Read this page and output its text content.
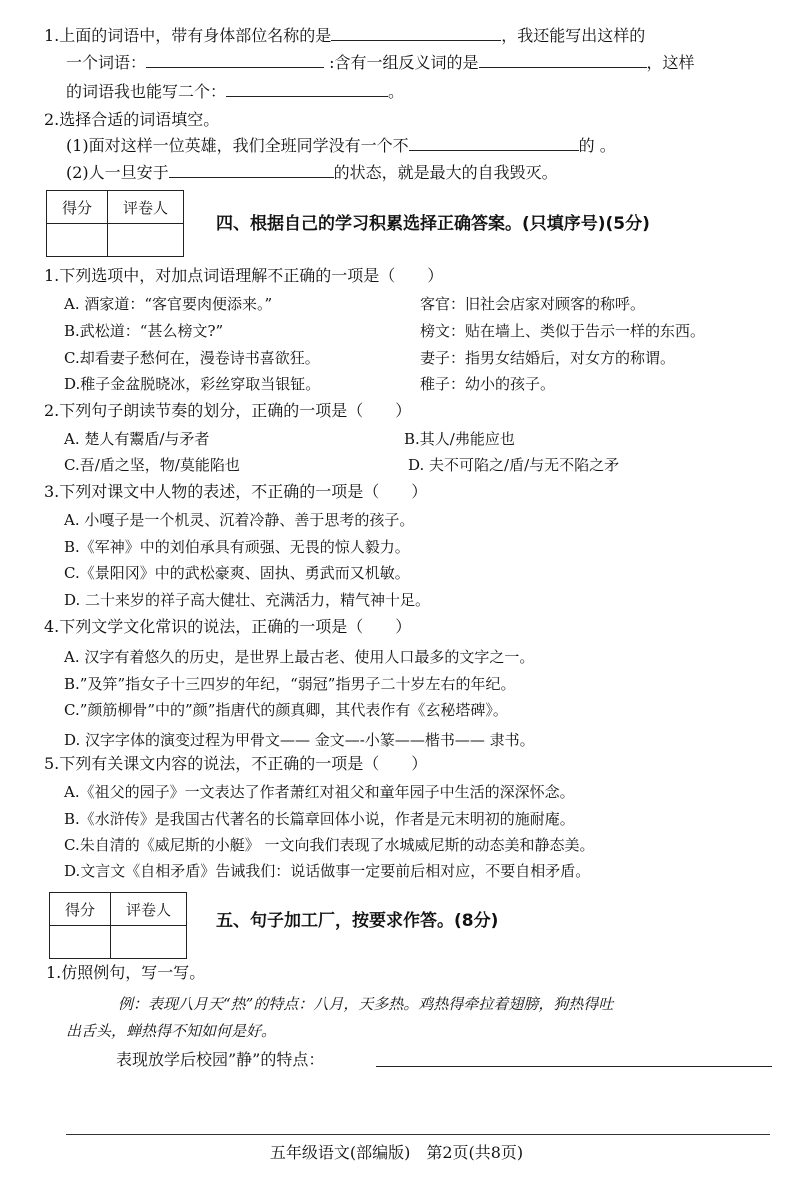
1.上面的词语中，带有身体部位名称的是	，我还能写出这样的
一个词语：	:含有一组反义词的是	，这样
的词语我也能写二个：	。
2.选择合适的词语填空。
(1)面对这样一位英雄，我们全班同学没有一个不	的 。
(2)人一旦安于	的状态，就是最大的自我毁灭。
得分	评卷人

四、根据自己的学习积累选择正确答案。(只填序号)(5分)
1.下列选项中，对加点词语理解不正确的一项是（　　）
A. 酒家道：“客官要肉便添来。”	客官：旧社会店家对顾客的称呼。
B.武松道：“甚么榜文?”	榜文：贴在墙上、类似于告示一样的东西。
C.却看妻子愁何在，漫卷诗书喜欲狂。	妻子：指男女结婚后，对女方的称谓。
D.稚子金盆脱晓冰，彩丝穿取当银钲。	稚子：幼小的孩子。
2.下列句子朗读节奏的划分，正确的一项是（　　）
A. 楚人有鬻盾/与矛者	B.其人/弗能应也
C.吾/盾之坚，物/莫能陷也	D. 夫不可陷之/盾/与无不陷之矛
3.下列对课文中人物的表述，不正确的一项是（　　）
A. 小嘎子是一个机灵、沉着冷静、善于思考的孩子。
B.《军神》中的刘伯承具有顽强、无畏的惊人毅力。
C.《景阳冈》中的武松豪爽、固执、勇武而又机敏。
D. 二十来岁的祥子高大健壮、充满活力，精气神十足。
4.下列文学文化常识的说法，正确的一项是（　　）
A. 汉字有着悠久的历史，是世界上最古老、使用人口最多的文字之一。
B.”及笄”指女子十三四岁的年纪，“弱冠”指男子二十岁左右的年纪。
C.”颜筋柳骨”中的”颜”指唐代的颜真卿，其代表作有《玄秘塔碑》。
D. 汉字字体的演变过程为甲骨文—— 金文—-小篆——楷书—— 隶书。
5.下列有关课文内容的说法，不正确的一项是（　　）
A.《祖父的园子》一文表达了作者萧红对祖父和童年园子中生活的深深怀念。
B.《水浒传》是我国古代著名的长篇章回体小说，作者是元末明初的施耐庵。
C.朱自清的《威尼斯的小艇》 一文向我们表现了水城威尼斯的动态美和静态美。
D.文言文《自相矛盾》告诫我们：说话做事一定要前后相对应，不要自相矛盾。
得分	评卷人

五、句子加工厂，按要求作答。(8分)
1.仿照例句，写一写。
例：表现八月天“热”的特点：八月，天多热。鸡热得牵拉着翅膀，狗热得吐
出舌头，蝉热得不知如何是好。
表现放学后校园”静”的特点：
五年级语文(部编版)　第2页(共8页)
